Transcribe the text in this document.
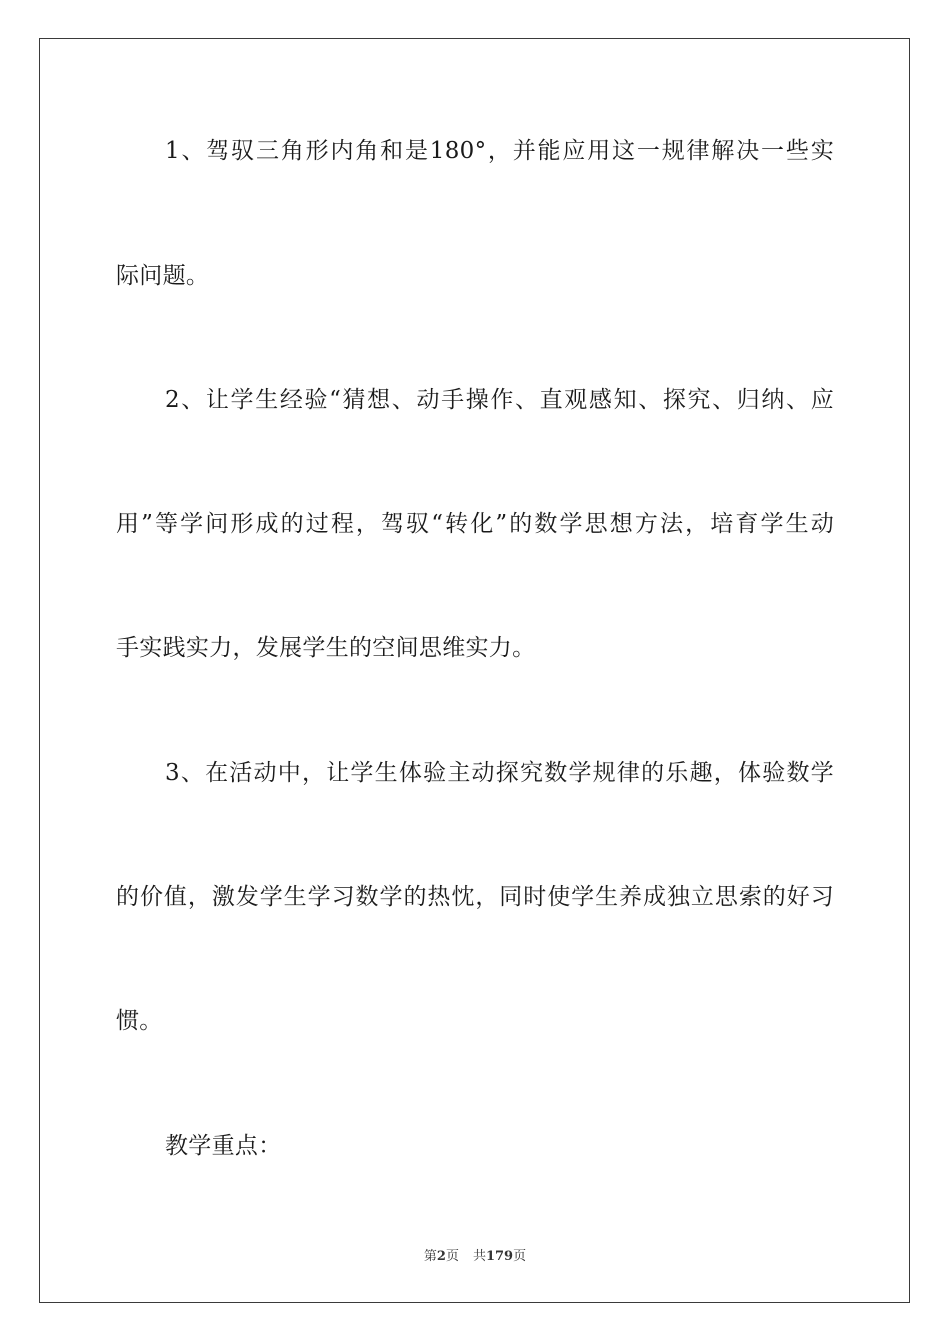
1、驾驭三角形内角和是180°，并能应用这一规律解决一些实
际问题。
2、让学生经验“猜想、动手操作、直观感知、探究、归纳、应
用”等学问形成的过程，驾驭“转化”的数学思想方法，培育学生动
手实践实力，发展学生的空间思维实力。
3、在活动中，让学生体验主动探究数学规律的乐趣，体验数学
的价值，激发学生学习数学的热忱，同时使学生养成独立思索的好习
惯。
教学重点：
第2页 共179页
